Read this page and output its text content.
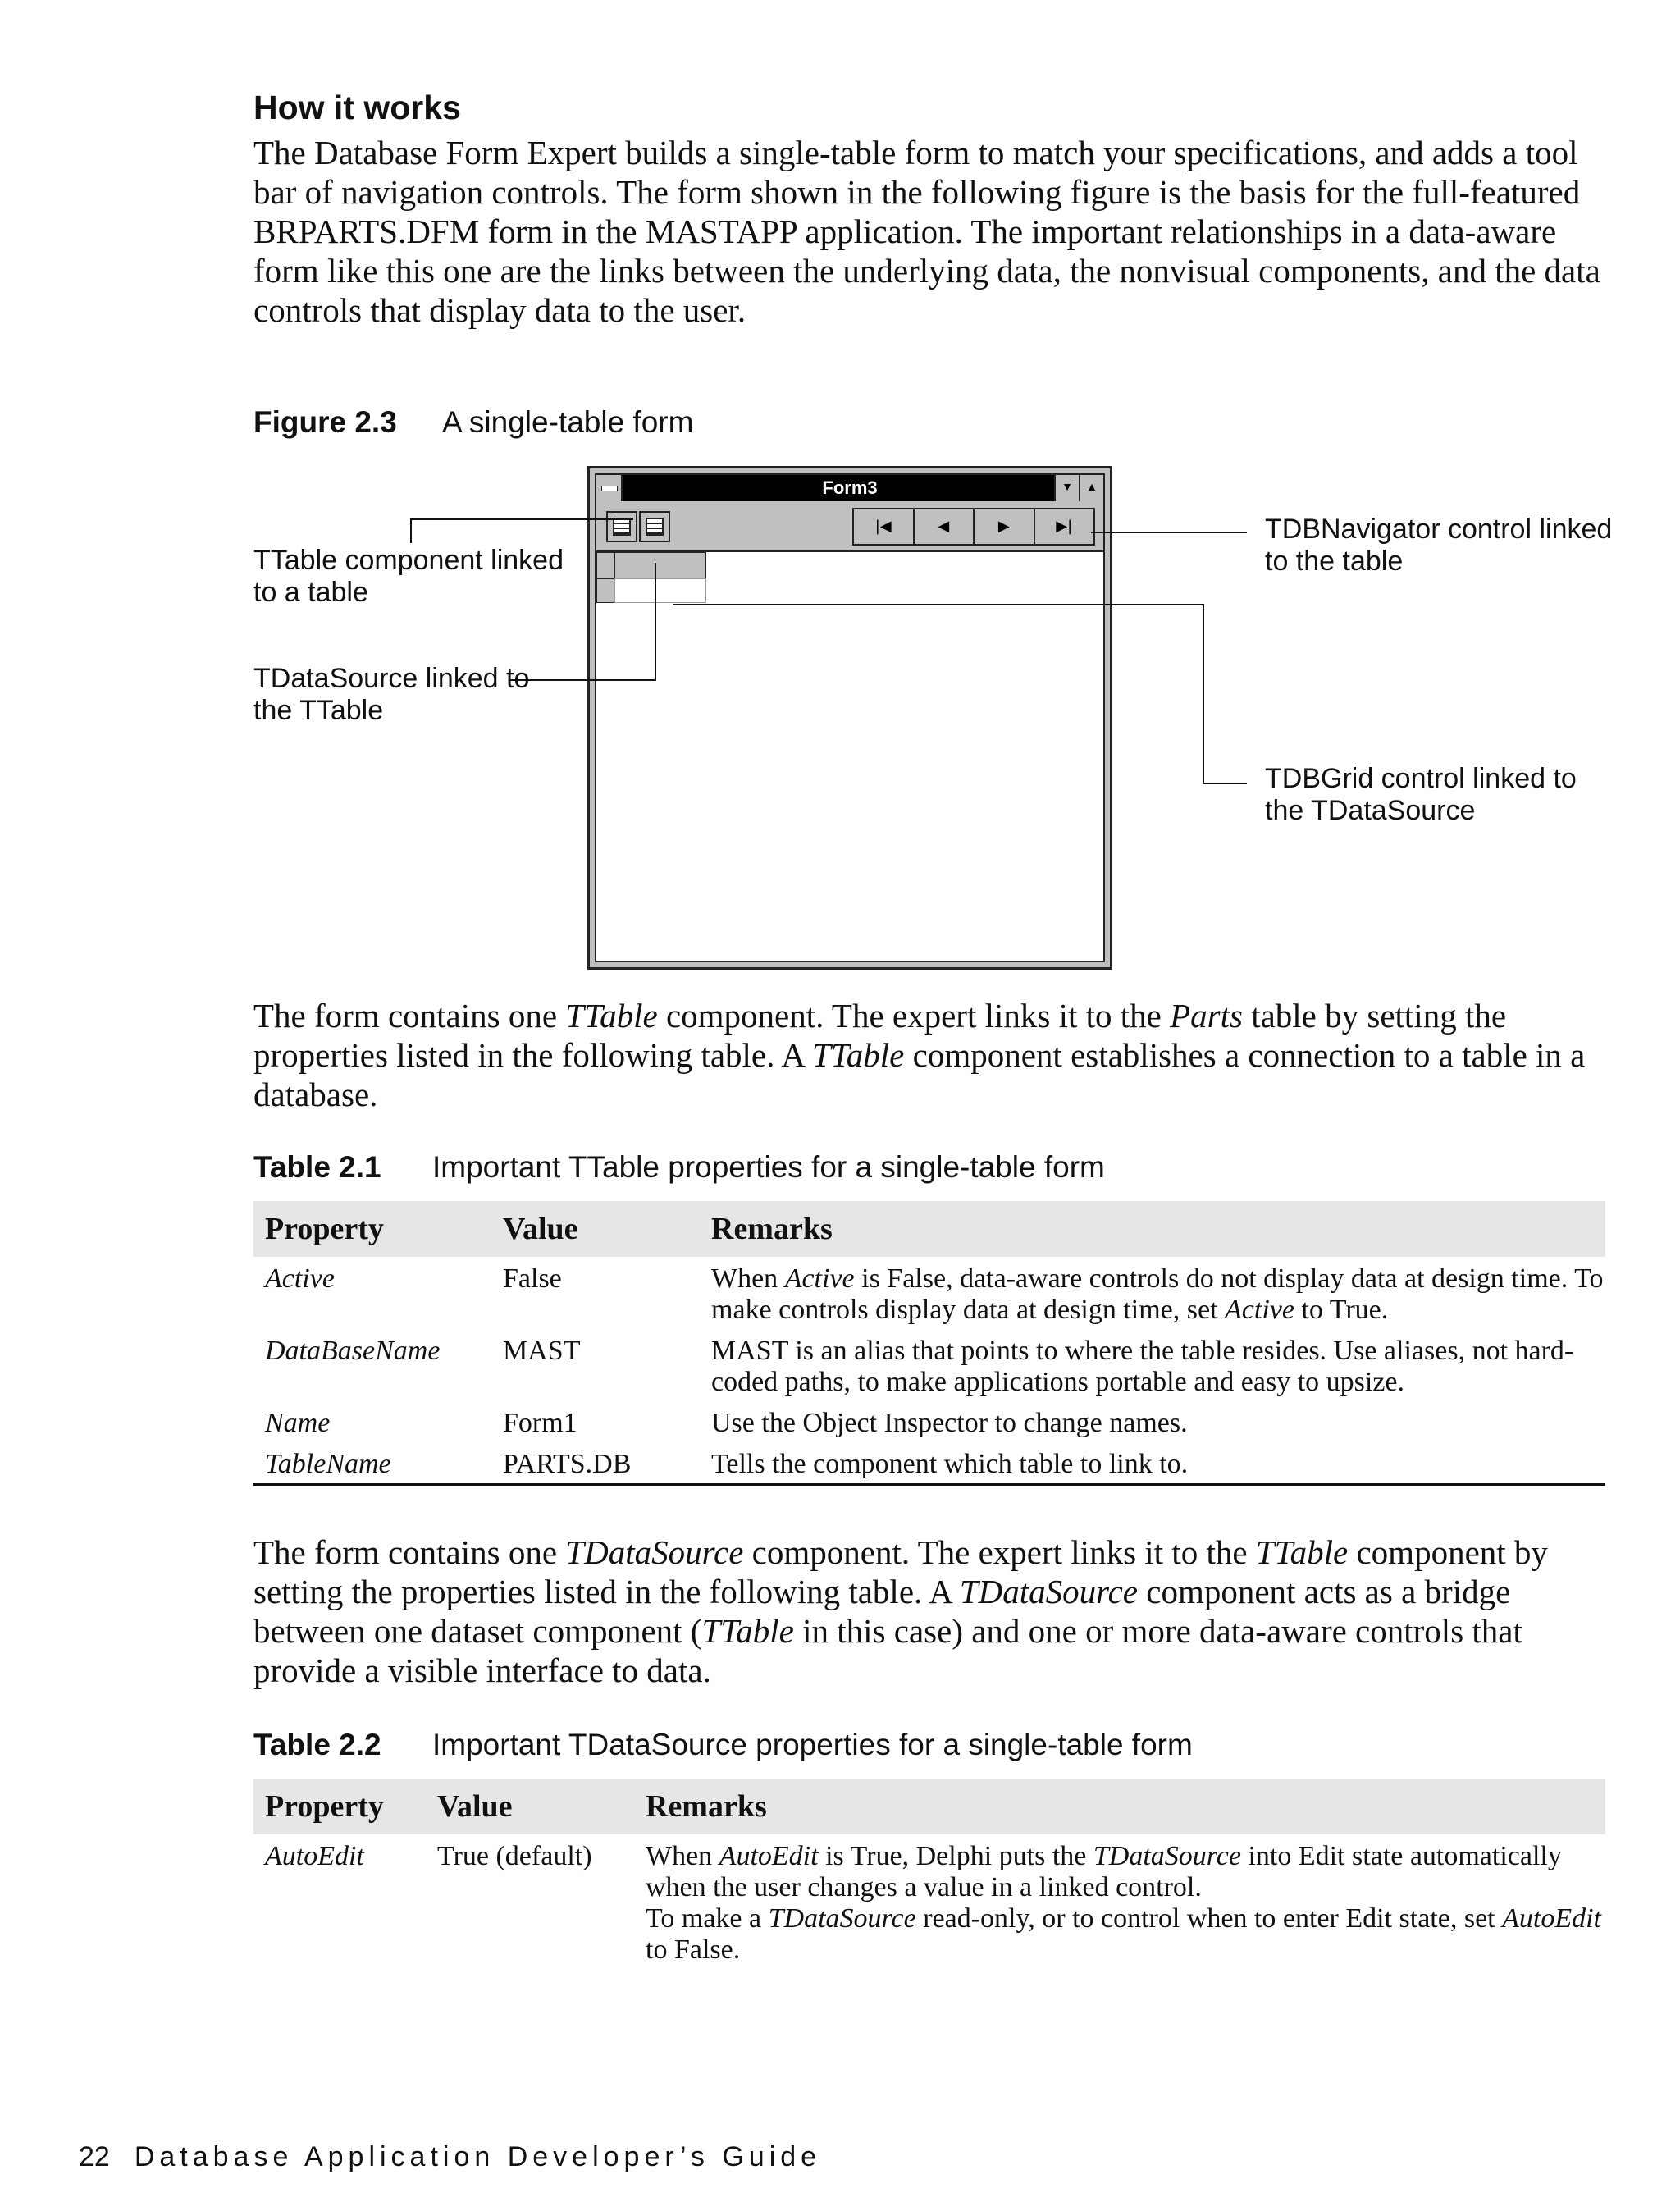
How it works

The Database Form Expert builds a single-table form to match your specifications, and adds a tool bar of navigation controls. The form shown in the following figure is the basis for the full-featured BRPARTS.DFM form in the MASTAPP application. The important relationships in a data-aware form like this one are the links between the underlying data, the nonvisual components, and the data controls that display data to the user.

Figure 2.3 A single-table form
Form3	▼	▲
|◀	◀	▶	▶|
TTable component linked
to a table
TDataSource linked to
the TTable
TDBNavigator control linked
to the table
TDBGrid control linked to
the TDataSource

The form contains one TTable component. The expert links it to the Parts table by setting the properties listed in the following table. A TTable component establishes a connection to a table in a database.

Table 2.1 Important TTable properties for a single-table form
Property	Value	Remarks
Active	False	When Active is False, data-aware controls do not display data at design time. To make controls display data at design time, set Active to True.
DataBaseName	MAST	MAST is an alias that points to where the table resides. Use aliases, not hard-coded paths, to make applications portable and easy to upsize.
Name	Form1	Use the Object Inspector to change names.
TableName	PARTS.DB	Tells the component which table to link to.

The form contains one TDataSource component. The expert links it to the TTable component by setting the properties listed in the following table. A TDataSource component acts as a bridge between one dataset component (TTable in this case) and one or more data-aware controls that provide a visible interface to data.

Table 2.2 Important TDataSource properties for a single-table form
Property	Value	Remarks
AutoEdit	True (default)	When AutoEdit is True, Delphi puts the TDataSource into Edit state automatically when the user changes a value in a linked control.
To make a TDataSource read-only, or to control when to enter Edit state, set AutoEdit to False.
22 Database Application Developer’s Guide
